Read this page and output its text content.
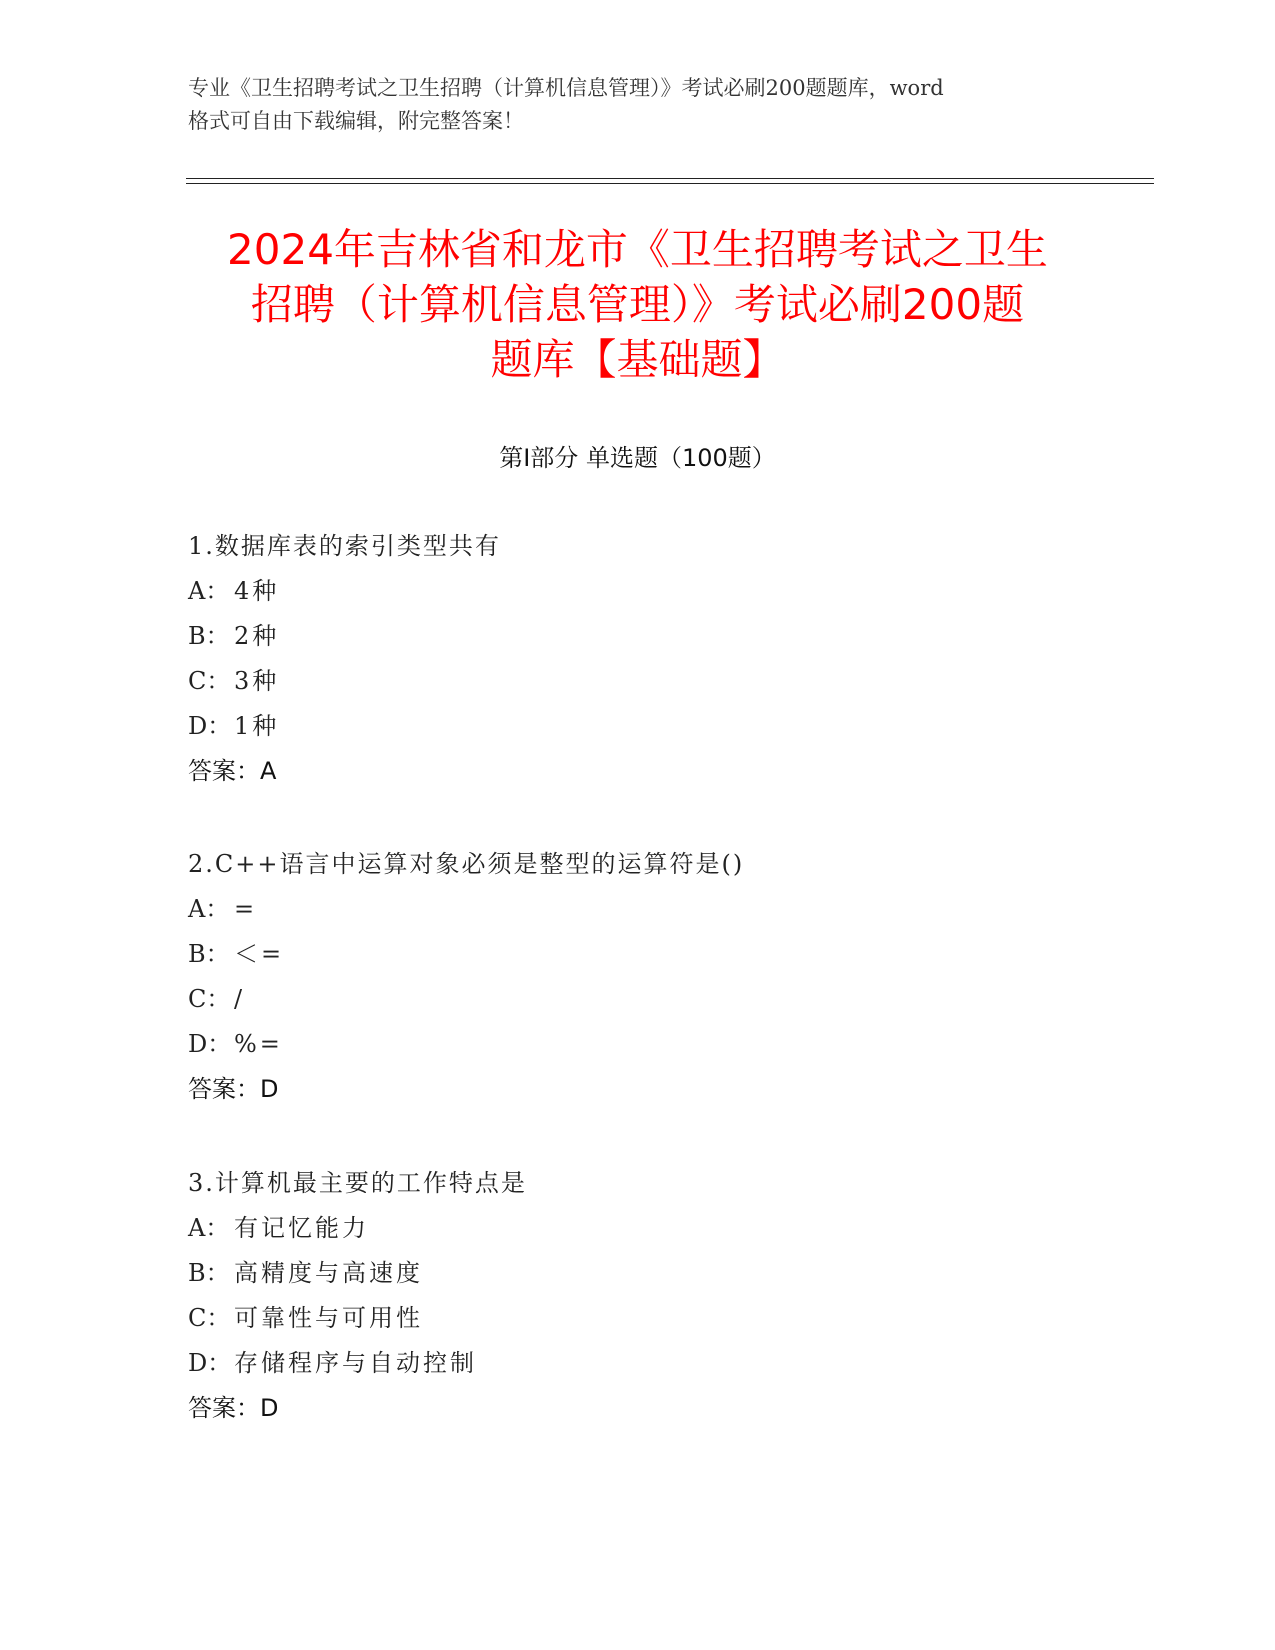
专业《卫生招聘考试之卫生招聘（计算机信息管理）》考试必刷200题题库，word
格式可自由下载编辑，附完整答案！
2024年吉林省和龙市《卫生招聘考试之卫生
招聘（计算机信息管理）》考试必刷200题
题库【基础题】
第Ⅰ部分 单选题（100题）
1.数据库表的索引类型共有
A： 4种
B： 2种
C： 3种
D： 1种
答案：A
2.C++语言中运算对象必须是整型的运算符是()
A： =
B： ＜=
C： /
D： %=
答案：D
3.计算机最主要的工作特点是
A： 有记忆能力
B： 高精度与高速度
C： 可靠性与可用性
D： 存储程序与自动控制
答案：D
